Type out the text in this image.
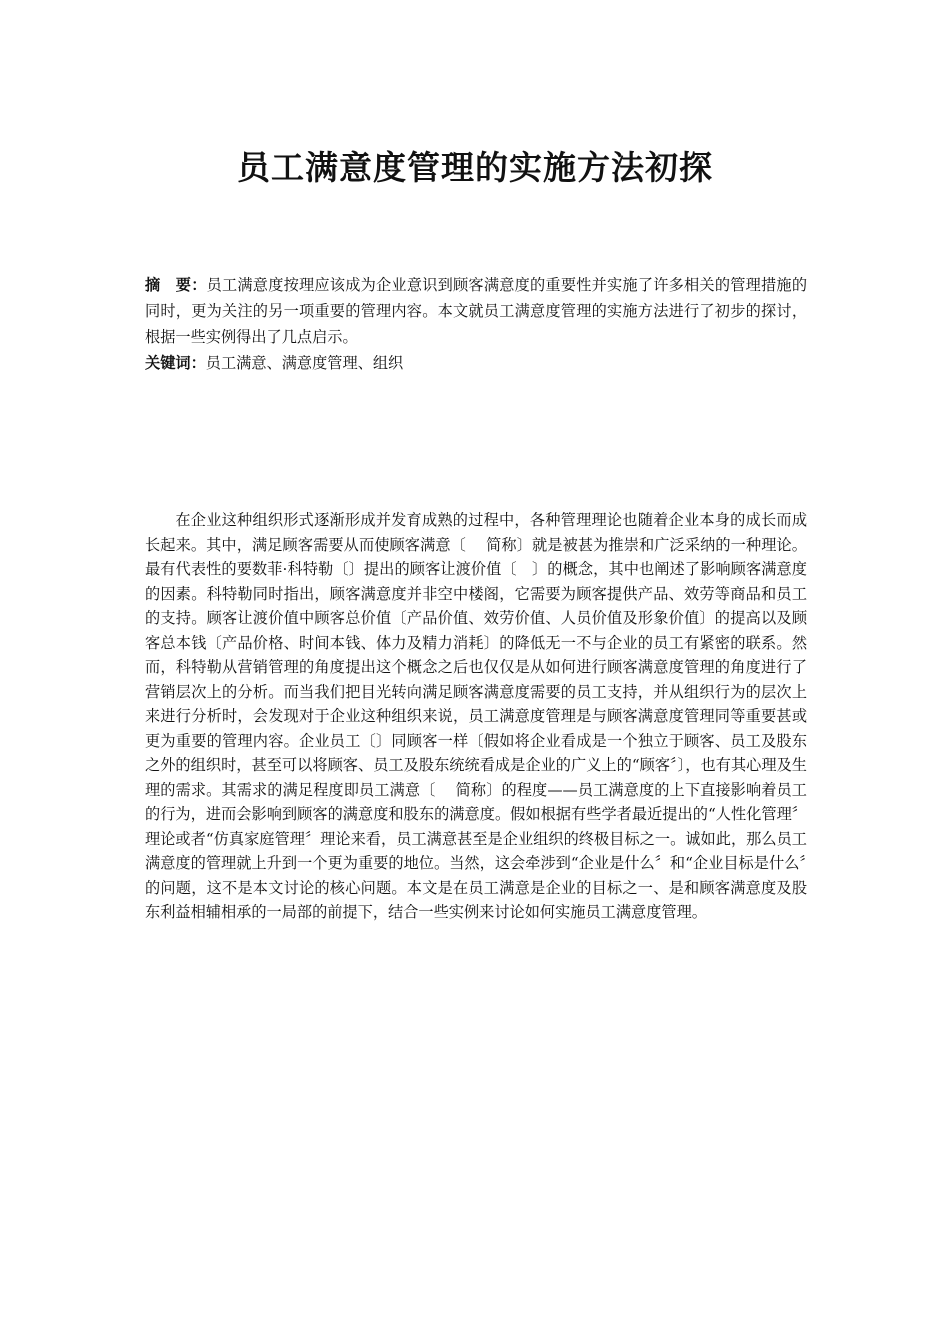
员工满意度管理的实施方法初探

摘　要：员工满意度按理应该成为企业意识到顾客满意度的重要性并实施了许多相关的管理措施的同时，更为关注的另一项重要的管理内容。本文就员工满意度管理的实施方法进行了初步的探讨，根据一些实例得出了几点启示。

关键词：员工满意、满意度管理、组织

在企业这种组织形式逐渐形成并发育成熟的过程中，各种管理理论也随着企业本身的成长而成长起来。其中，满足顾客需要从而使顾客满意〔　 简称〕就是被甚为推崇和广泛采纳的一种理论。最有代表性的要数菲·科特勒〔〕提出的顾客让渡价值〔　〕的概念，其中也阐述了影响顾客满意度的因素。科特勒同时指出，顾客满意度并非空中楼阁，它需要为顾客提供产品、效劳等商品和员工的支持。顾客让渡价值中顾客总价值〔产品价值、效劳价值、人员价值及形象价值〕的提高以及顾客总本钱〔产品价格、时间本钱、体力及精力消耗〕的降低无一不与企业的员工有紧密的联系。然而，科特勒从营销管理的角度提出这个概念之后也仅仅是从如何进行顾客满意度管理的角度进行了营销层次上的分析。而当我们把目光转向满足顾客满意度需要的员工支持，并从组织行为的层次上来进行分析时，会发现对于企业这种组织来说，员工满意度管理是与顾客满意度管理同等重要甚或更为重要的管理内容。企业员工〔〕同顾客一样〔假如将企业看成是一个独立于顾客、员工及股东之外的组织时，甚至可以将顾客、员工及股东统统看成是企业的广义上的“顾客〞〕，也有其心理及生理的需求。其需求的满足程度即员工满意〔　 简称〕的程度——员工满意度的上下直接影响着员工的行为，进而会影响到顾客的满意度和股东的满意度。假如根据有些学者最近提出的“人性化管理〞理论或者“仿真家庭管理〞理论来看，员工满意甚至是企业组织的终极目标之一。诚如此，那么员工满意度的管理就上升到一个更为重要的地位。当然，这会牵涉到“企业是什么〞和“企业目标是什么〞的问题，这不是本文讨论的核心问题。本文是在员工满意是企业的目标之一、是和顾客满意度及股东利益相辅相承的一局部的前提下，结合一些实例来讨论如何实施员工满意度管理。
